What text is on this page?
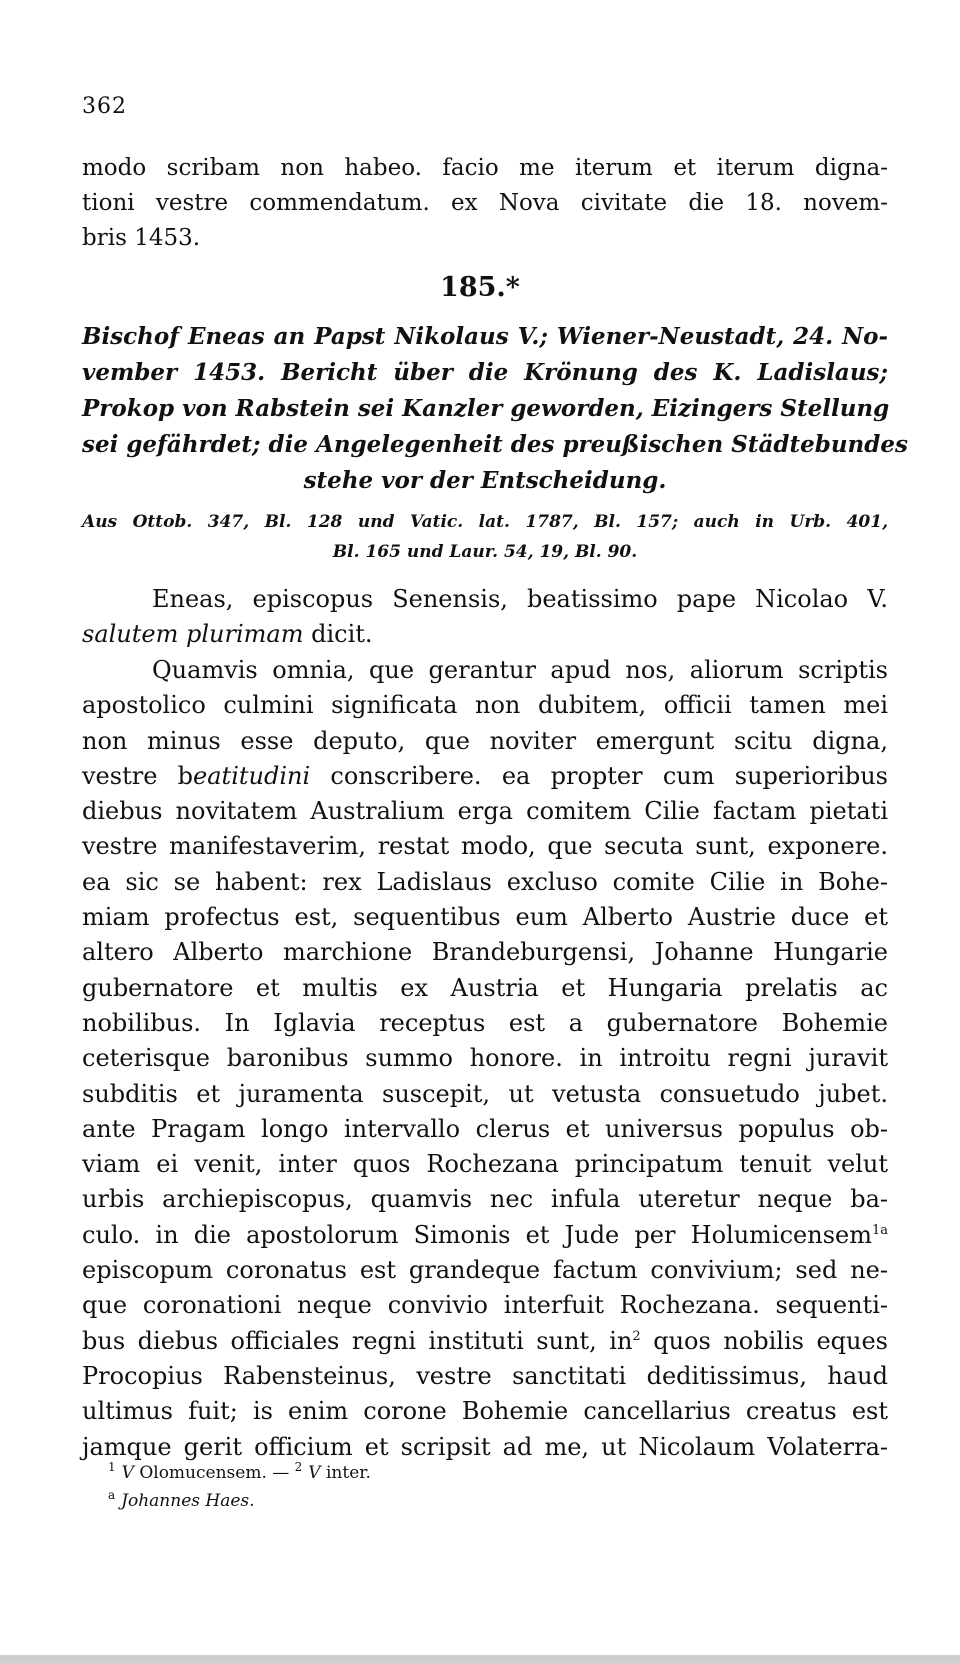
362
modo scribam non habeo. facio me iterum et iterum digna-
tioni vestre commendatum. ex Nova civitate die 18. novem-
bris 1453.
185.*
Bischof Eneas an Papst Nikolaus V.; Wiener-Neustadt, 24. No-
vember 1453. Bericht über die Krönung des K. Ladislaus;
Prokop von Rabstein sei Kanzler geworden, Eizingers Stellung
sei gefährdet; die Angelegenheit des preußischen Städtebundes
stehe vor der Entscheidung.
Aus Ottob. 347, Bl. 128 und Vatic. lat. 1787, Bl. 157; auch in Urb. 401,
Bl. 165 und Laur. 54, 19, Bl. 90.
Eneas, episcopus Senensis, beatissimo pape Nicolao V.
salutem plurimam dicit.
Quamvis omnia, que gerantur apud nos, aliorum scriptis
apostolico culmini significata non dubitem, officii tamen mei
non minus esse deputo, que noviter emergunt scitu digna,
vestre beatitudini conscribere. ea propter cum superioribus
diebus novitatem Australium erga comitem Cilie factam pietati
vestre manifestaverim, restat modo, que secuta sunt, exponere.
ea sic se habent: rex Ladislaus excluso comite Cilie in Bohe-
miam profectus est, sequentibus eum Alberto Austrie duce et
altero Alberto marchione Brandeburgensi, Johanne Hungarie
gubernatore et multis ex Austria et Hungaria prelatis ac
nobilibus. In Iglavia receptus est a gubernatore Bohemie
ceterisque baronibus summo honore. in introitu regni juravit
subditis et juramenta suscepit, ut vetusta consuetudo jubet.
ante Pragam longo intervallo clerus et universus populus ob-
viam ei venit, inter quos Rochezana principatum tenuit velut
urbis archiepiscopus, quamvis nec infula uteretur neque ba-
culo. in die apostolorum Simonis et Jude per Holumicensem$^{1a}$
episcopum coronatus est grandeque factum convivium; sed ne-
que coronationi neque convivio interfuit Rochezana. sequenti-
bus diebus officiales regni instituti sunt, $in^2$ quos nobilis eques
Procopius Rabensteinus, vestre sanctitati deditissimus, haud
ultimus fuit; is enim corone Bohemie cancellarius creatus est
jamque gerit officium et scripsit ad me, ut Nicolaum Volaterra-
$^1$ V Olomucensem. — $^2$ V inter.
$^a$ Johannes Haes.
